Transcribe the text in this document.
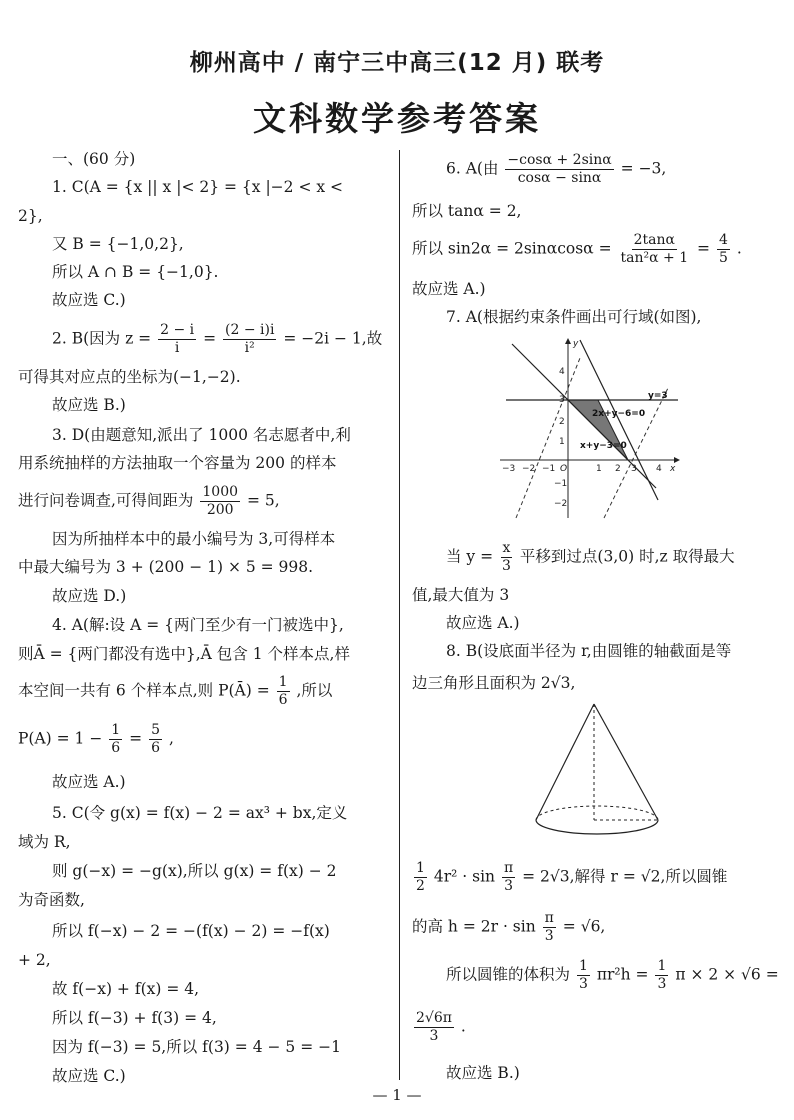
柳州高中 / 南宁三中高三(12 月) 联考
文科数学参考答案
一、(60 分)
1. C(A = {x || x |< 2} = {x |−2 < x <
2},
又 B = {−1,0,2},
所以 A ∩ B = {−1,0}.
故应选 C.)
2. B(因为 $z = \frac{2 - i}{i} = \frac{(2 - i)i}{\text{i²}} = -2i - 1$,故
可得其对应点的坐标为(−1,−2).
故应选 B.)
3. D(由题意知,派出了 1000 名志愿者中,利
用系统抽样的方法抽取一个容量为 200 的样本
进行问卷调查,可得间距为 $\frac{1000}{200} = 5$,
因为所抽样本中的最小编号为 3,可得样本
中最大编号为 3 + (200 − 1) × 5 = 998.
故应选 D.)
4. A(解:设 A = {两门至少有一门被选中},
则Ā = {两门都没有选中},Ā 包含 1 个样本点,样
本空间一共有 6 个样本点,则 P(Ā) = $\frac{1}{6}$ ,所以
$P(A) = 1 - \frac{1}{6} = \frac{5}{6}$ ,
故应选 A.)
5. C(令 g(x) = f(x) − 2 = ax³ + bx,定义
域为 R,
则 g(−x) = −g(x),所以 g(x) = f(x) − 2
为奇函数,
所以 f(−x) − 2 = −(f(x) − 2) = −f(x)
+ 2,
故 f(−x) + f(x) = 4,
所以 f(−3) + f(3) = 4,
因为 f(−3) = 5,所以 f(3) = 4 − 5 = −1
故应选 C.)
6. A(由 $\frac{-\cos\alpha + 2\sin\alpha}{\cos\alpha - \sin\alpha} = -3$,
所以 tanα = 2,
所以 $\sin 2\alpha = 2\sin\alpha\cos\alpha = \frac{2\tan\alpha}{\text{tan²α + 1}} = \frac{4}{5}$ .
故应选 A.)
7. A(根据约束条件画出可行域(如图),
−3 −2 −1 O	1 2 3 4 x
4
3
2
1
−1
−2
y
2x+y−6=0
y=3
x+y−3=0
当 $y = \frac{x}{3}$ 平移到过点(3,0) 时,z 取得最大
值,最大值为 3
故应选 A.)
8. B(设底面半径为 r,由圆锥的轴截面是等
边三角形且面积为 2√3,
$\frac{1}{2} 4r^2 \cdot \sin \frac{\pi}{3} = 2√3$,解得 r = √2,所以圆锥
的高 $h = 2r \cdot \sin \frac{\pi}{3} = √6$,
所以圆锥的体积为 $\frac{1}{3} \pi r^2h = \frac{1}{3}$ π × 2 × √6 =
$\frac{2√6\pi}{3}$ .
故应选 B.)
— 1 —
